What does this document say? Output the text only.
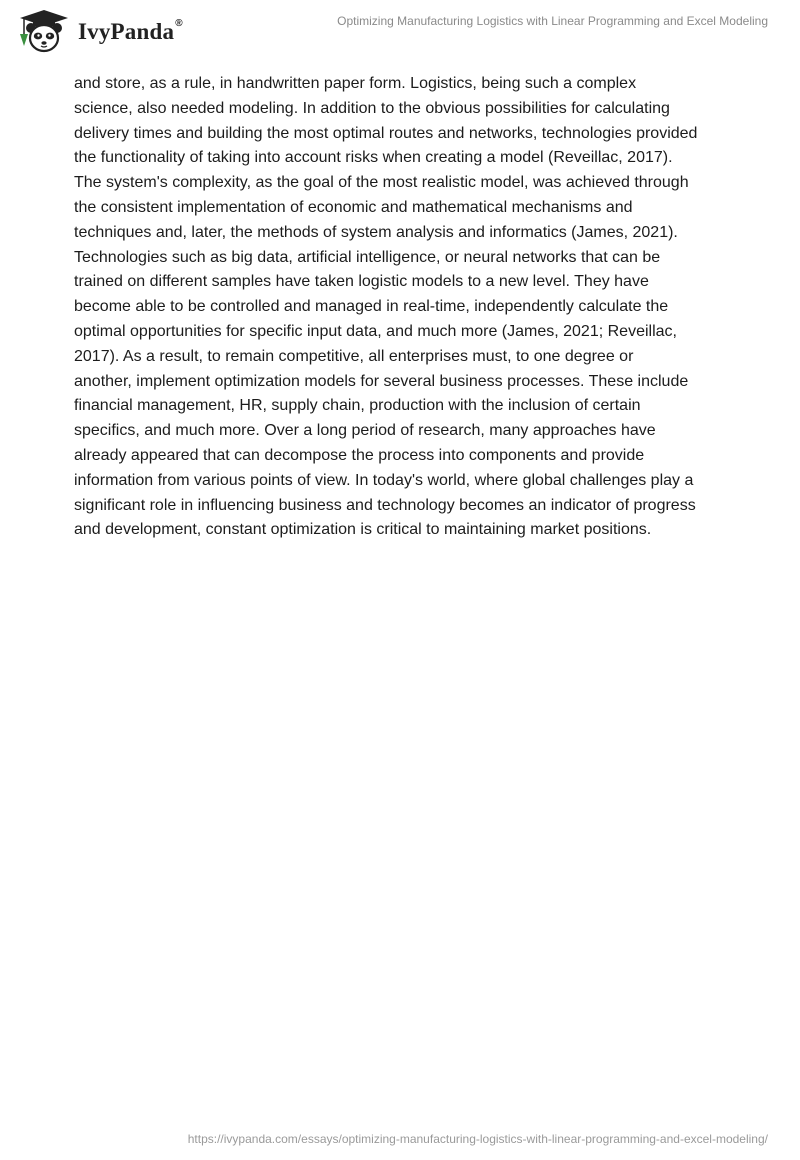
IvyPanda®	Optimizing Manufacturing Logistics with Linear Programming and Excel Modeling
and store, as a rule, in handwritten paper form. Logistics, being such a complex
science, also needed modeling. In addition to the obvious possibilities for calculating
delivery times and building the most optimal routes and networks, technologies provided
the functionality of taking into account risks when creating a model (Reveillac, 2017).
The system's complexity, as the goal of the most realistic model, was achieved through
the consistent implementation of economic and mathematical mechanisms and
techniques and, later, the methods of system analysis and informatics (James, 2021).
Technologies such as big data, artificial intelligence, or neural networks that can be
trained on different samples have taken logistic models to a new level. They have
become able to be controlled and managed in real-time, independently calculate the
optimal opportunities for specific input data, and much more (James, 2021; Reveillac,
2017). As a result, to remain competitive, all enterprises must, to one degree or
another, implement optimization models for several business processes. These include
financial management, HR, supply chain, production with the inclusion of certain
specifics, and much more. Over a long period of research, many approaches have
already appeared that can decompose the process into components and provide
information from various points of view. In today's world, where global challenges play a
significant role in influencing business and technology becomes an indicator of progress
and development, constant optimization is critical to maintaining market positions.
https://ivypanda.com/essays/optimizing-manufacturing-logistics-with-linear-programming-and-excel-modeling/
